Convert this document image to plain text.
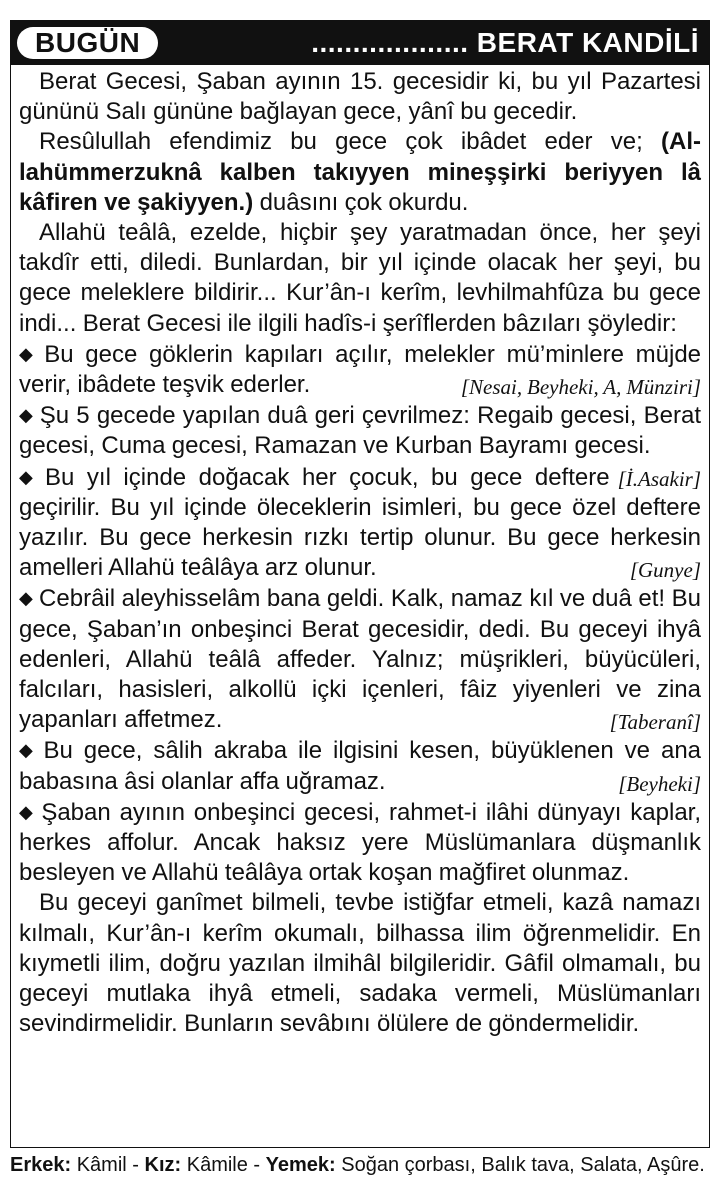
BUGÜN	................... BERAT KANDİLİ

Berat Gecesi, Şaban ayının 15. gecesidir ki, bu yıl Pazartesi gününü Salı gününe bağlayan gece, yânî bu gecedir.

Resûlullah efendimiz bu gece çok ibâdet eder ve; (Allahümmerzuknâ kalben takıyyen mineşşirki beriyyen lâ kâfiren ve şakiyyen.) duâsını çok okurdu.

Allahü teâlâ, ezelde, hiçbir şey yaratmadan önce, her şeyi takdîr etti, diledi. Bunlardan, bir yıl içinde olacak her şeyi, bu gece meleklere bildirir... Kur’ân-ı kerîm, levhilmahfûza bu gece indi... Berat Gecesi ile ilgili hadîs-i şerîflerden bâzıları şöyledir:

◆ Bu gece göklerin kapıları açılır, melekler mü’minlere müjde verir, ibâdete teşvik ederler.	[Nesai, Beyheki, A, Münziri]

◆ Şu 5 gecede yapılan duâ geri çevrilmez: Regaib gecesi, Berat gecesi, Cuma gecesi, Ramazan ve Kurban Bayramı gecesi.
[İ.Asakir]

◆ Bu yıl içinde doğacak her çocuk, bu gece deftere geçirilir. Bu yıl içinde öleceklerin isimleri, bu gece özel deftere yazılır. Bu gece herkesin rızkı tertip olunur. Bu gece herkesin amelleri Allahü teâlâya arz olunur.	[Gunye]

◆ Cebrâil aleyhisselâm bana geldi. Kalk, namaz kıl ve duâ et! Bu gece, Şaban’ın onbeşinci Berat gecesidir, dedi. Bu geceyi ihyâ edenleri, Allahü teâlâ affeder. Yalnız; müşrikleri, büyücüleri, falcıları, hasisleri, alkollü içki içenleri, fâiz yiyenleri ve zina yapanları affetmez.	[Taberanî]

◆ Bu gece, sâlih akraba ile ilgisini kesen, büyüklenen ve ana babasına âsi olanlar affa uğramaz.	[Beyheki]

◆ Şaban ayının onbeşinci gecesi, rahmet-i ilâhi dünyayı kaplar, herkes affolur. Ancak haksız yere Müslümanlara düşmanlık besleyen ve Allahü teâlâya ortak koşan mağfiret olunmaz.

Bu geceyi ganîmet bilmeli, tevbe istiğfar etmeli, kazâ namazı kılmalı, Kur’ân-ı kerîm okumalı, bilhassa ilim öğrenmelidir. En kıymetli ilim, doğru yazılan ilmihâl bilgileridir. Gâfil olmamalı, bu geceyi mutlaka ihyâ etmeli, sadaka vermeli, Müslümanları sevindirmelidir. Bunların sevâbını ölülere de göndermelidir.

Erkek: Kâmil - Kız: Kâmile - Yemek: Soğan çorbası, Balık tava, Salata, Aşûre.
